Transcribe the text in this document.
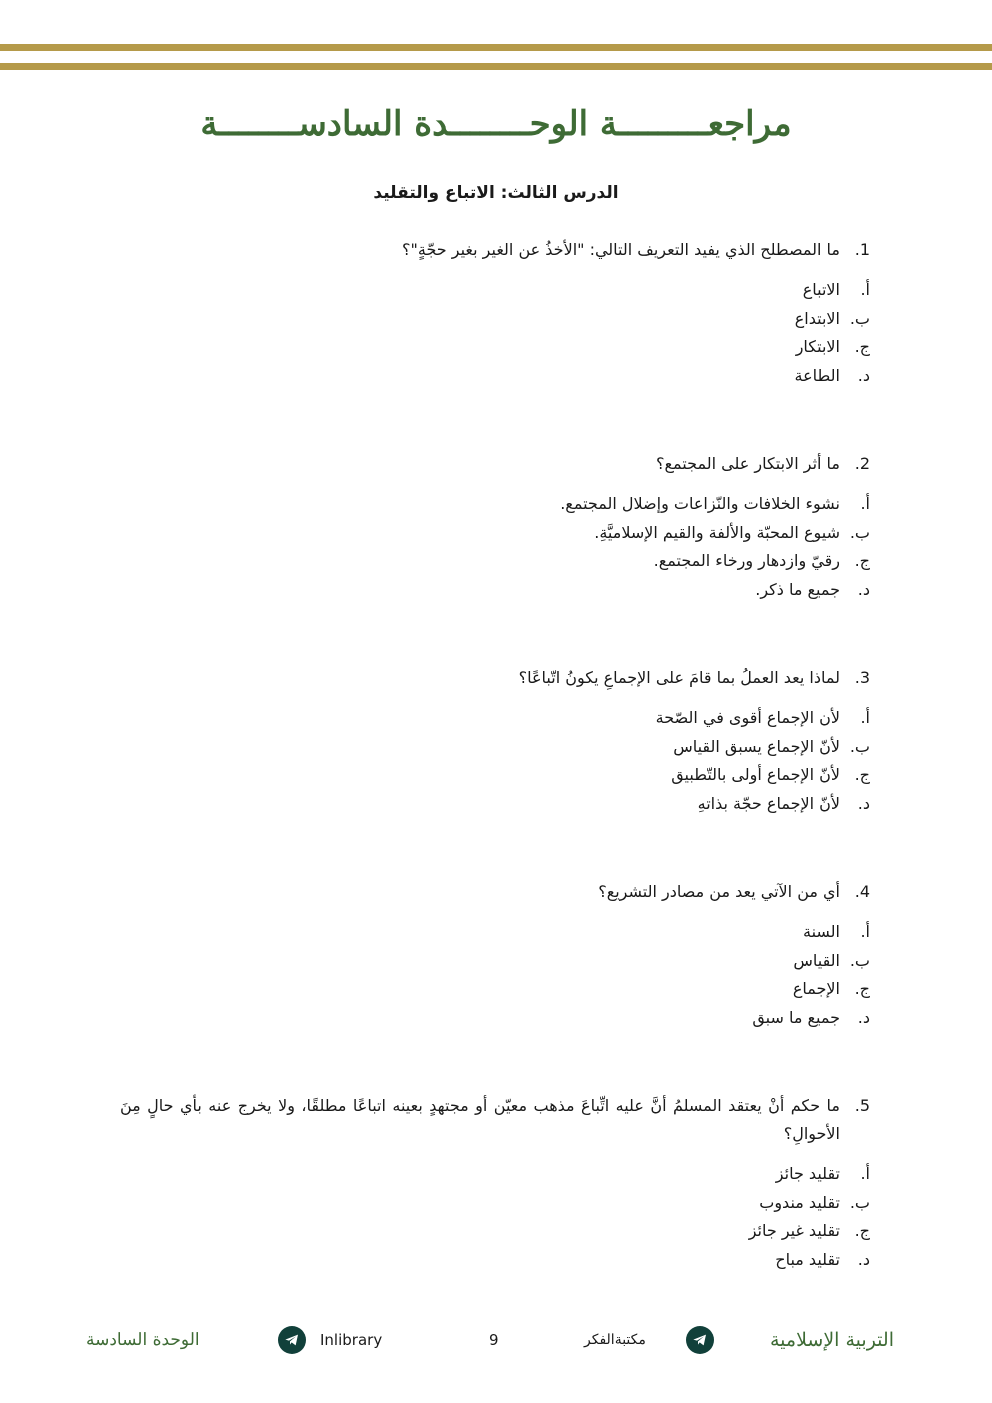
مراجعـــــــــة الوحــــــــدة السادســــــــة
الدرس الثالث: الاتباع والتقليد
1.
ما المصطلح الذي يفيد التعريف التالي: "الأخذُ عن الغير بغير حجّةٍ"؟
أ.
الاتباع
ب.
الابتداع
ج.
الابتكار
د.
الطاعة
2.
ما أثر الابتكار على المجتمع؟
أ.
نشوء الخلافات والنّزاعات وإضلال المجتمع.
ب.
شيوع المحبّة والألفة والقيم الإسلاميَّةِ.
ج.
رقيّ وازدهار ورخاء المجتمع.
د.
جميع ما ذكر.
3.
لماذا يعد العملُ بما قامَ على الإجماعِ يكونُ اتّباعًا؟
أ.
لأن الإجماع أقوى في الصّحة
ب.
لأنّ الإجماع يسبق القياس
ج.
لأنّ الإجماع أولى بالتّطبيق
د.
لأنّ الإجماع حجّة بذاتهِ
4.
أي من الآتي يعد من مصادر التشريع؟
أ.
السنة
ب.
القياس
ج.
الإجماع
د.
جميع ما سبق
5.
ما حكم أنْ يعتقد المسلمُ أنَّ عليه اتِّباعَ مذهب معيّن أو مجتهدٍ بعينه اتباعًا مطلقًا، ولا يخرج عنه بأي حالٍ مِنَ الأحوالِ؟
أ.
تقليد جائز
ب.
تقليد مندوب
ج.
تقليد غير جائز
د.
تقليد مباح
التربية الإسلامية
مكتبةالفكر
9
Inlibrary
الوحدة السادسة
